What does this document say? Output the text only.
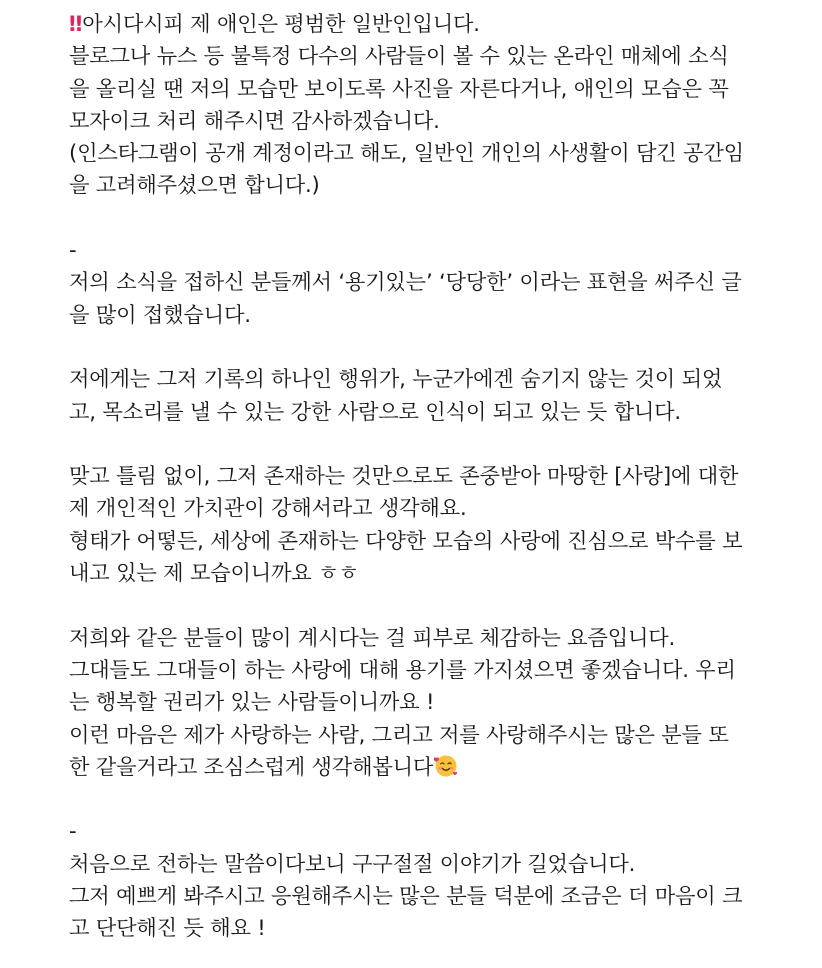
‼ 아시다시피 제 애인은 평범한 일반인입니다.
블로그나 뉴스 등 불특정 다수의 사람들이 볼 수 있는 온라인 매체에 소식
을 올리실 땐 저의 모습만 보이도록 사진을 자른다거나, 애인의 모습은 꼭
모자이크 처리 해주시면 감사하겠습니다.
(인스타그램이 공개 계정이라고 해도, 일반인 개인의 사생활이 담긴 공간임
을 고려해주셨으면 합니다.)
-
저의 소식을 접하신 분들께서 ‘용기있는’ ‘당당한’ 이라는 표현을 써주신 글
을 많이 접했습니다.
저에게는 그저 기록의 하나인 행위가, 누군가에겐 숨기지 않는 것이 되었
고, 목소리를 낼 수 있는 강한 사람으로 인식이 되고 있는 듯 합니다.
맞고 틀림 없이, 그저 존재하는 것만으로도 존중받아 마땅한 [사랑]에 대한
제 개인적인 가치관이 강해서라고 생각해요.
형태가 어떻든, 세상에 존재하는 다양한 모습의 사랑에 진심으로 박수를 보
내고 있는 제 모습이니까요 ㅎㅎ
저희와 같은 분들이 많이 계시다는 걸 피부로 체감하는 요즘입니다.
그대들도 그대들이 하는 사랑에 대해 용기를 가지셨으면 좋겠습니다. 우리
는 행복할 권리가 있는 사람들이니까요 !
이런 마음은 제가 사랑하는 사람, 그리고 저를 사랑해주시는 많은 분들 또
한 같을거라고 조심스럽게 생각해봅니다
-
처음으로 전하는 말씀이다보니 구구절절 이야기가 길었습니다.
그저 예쁘게 봐주시고 응원해주시는 많은 분들 덕분에 조금은 더 마음이 크
고 단단해진 듯 해요 !
